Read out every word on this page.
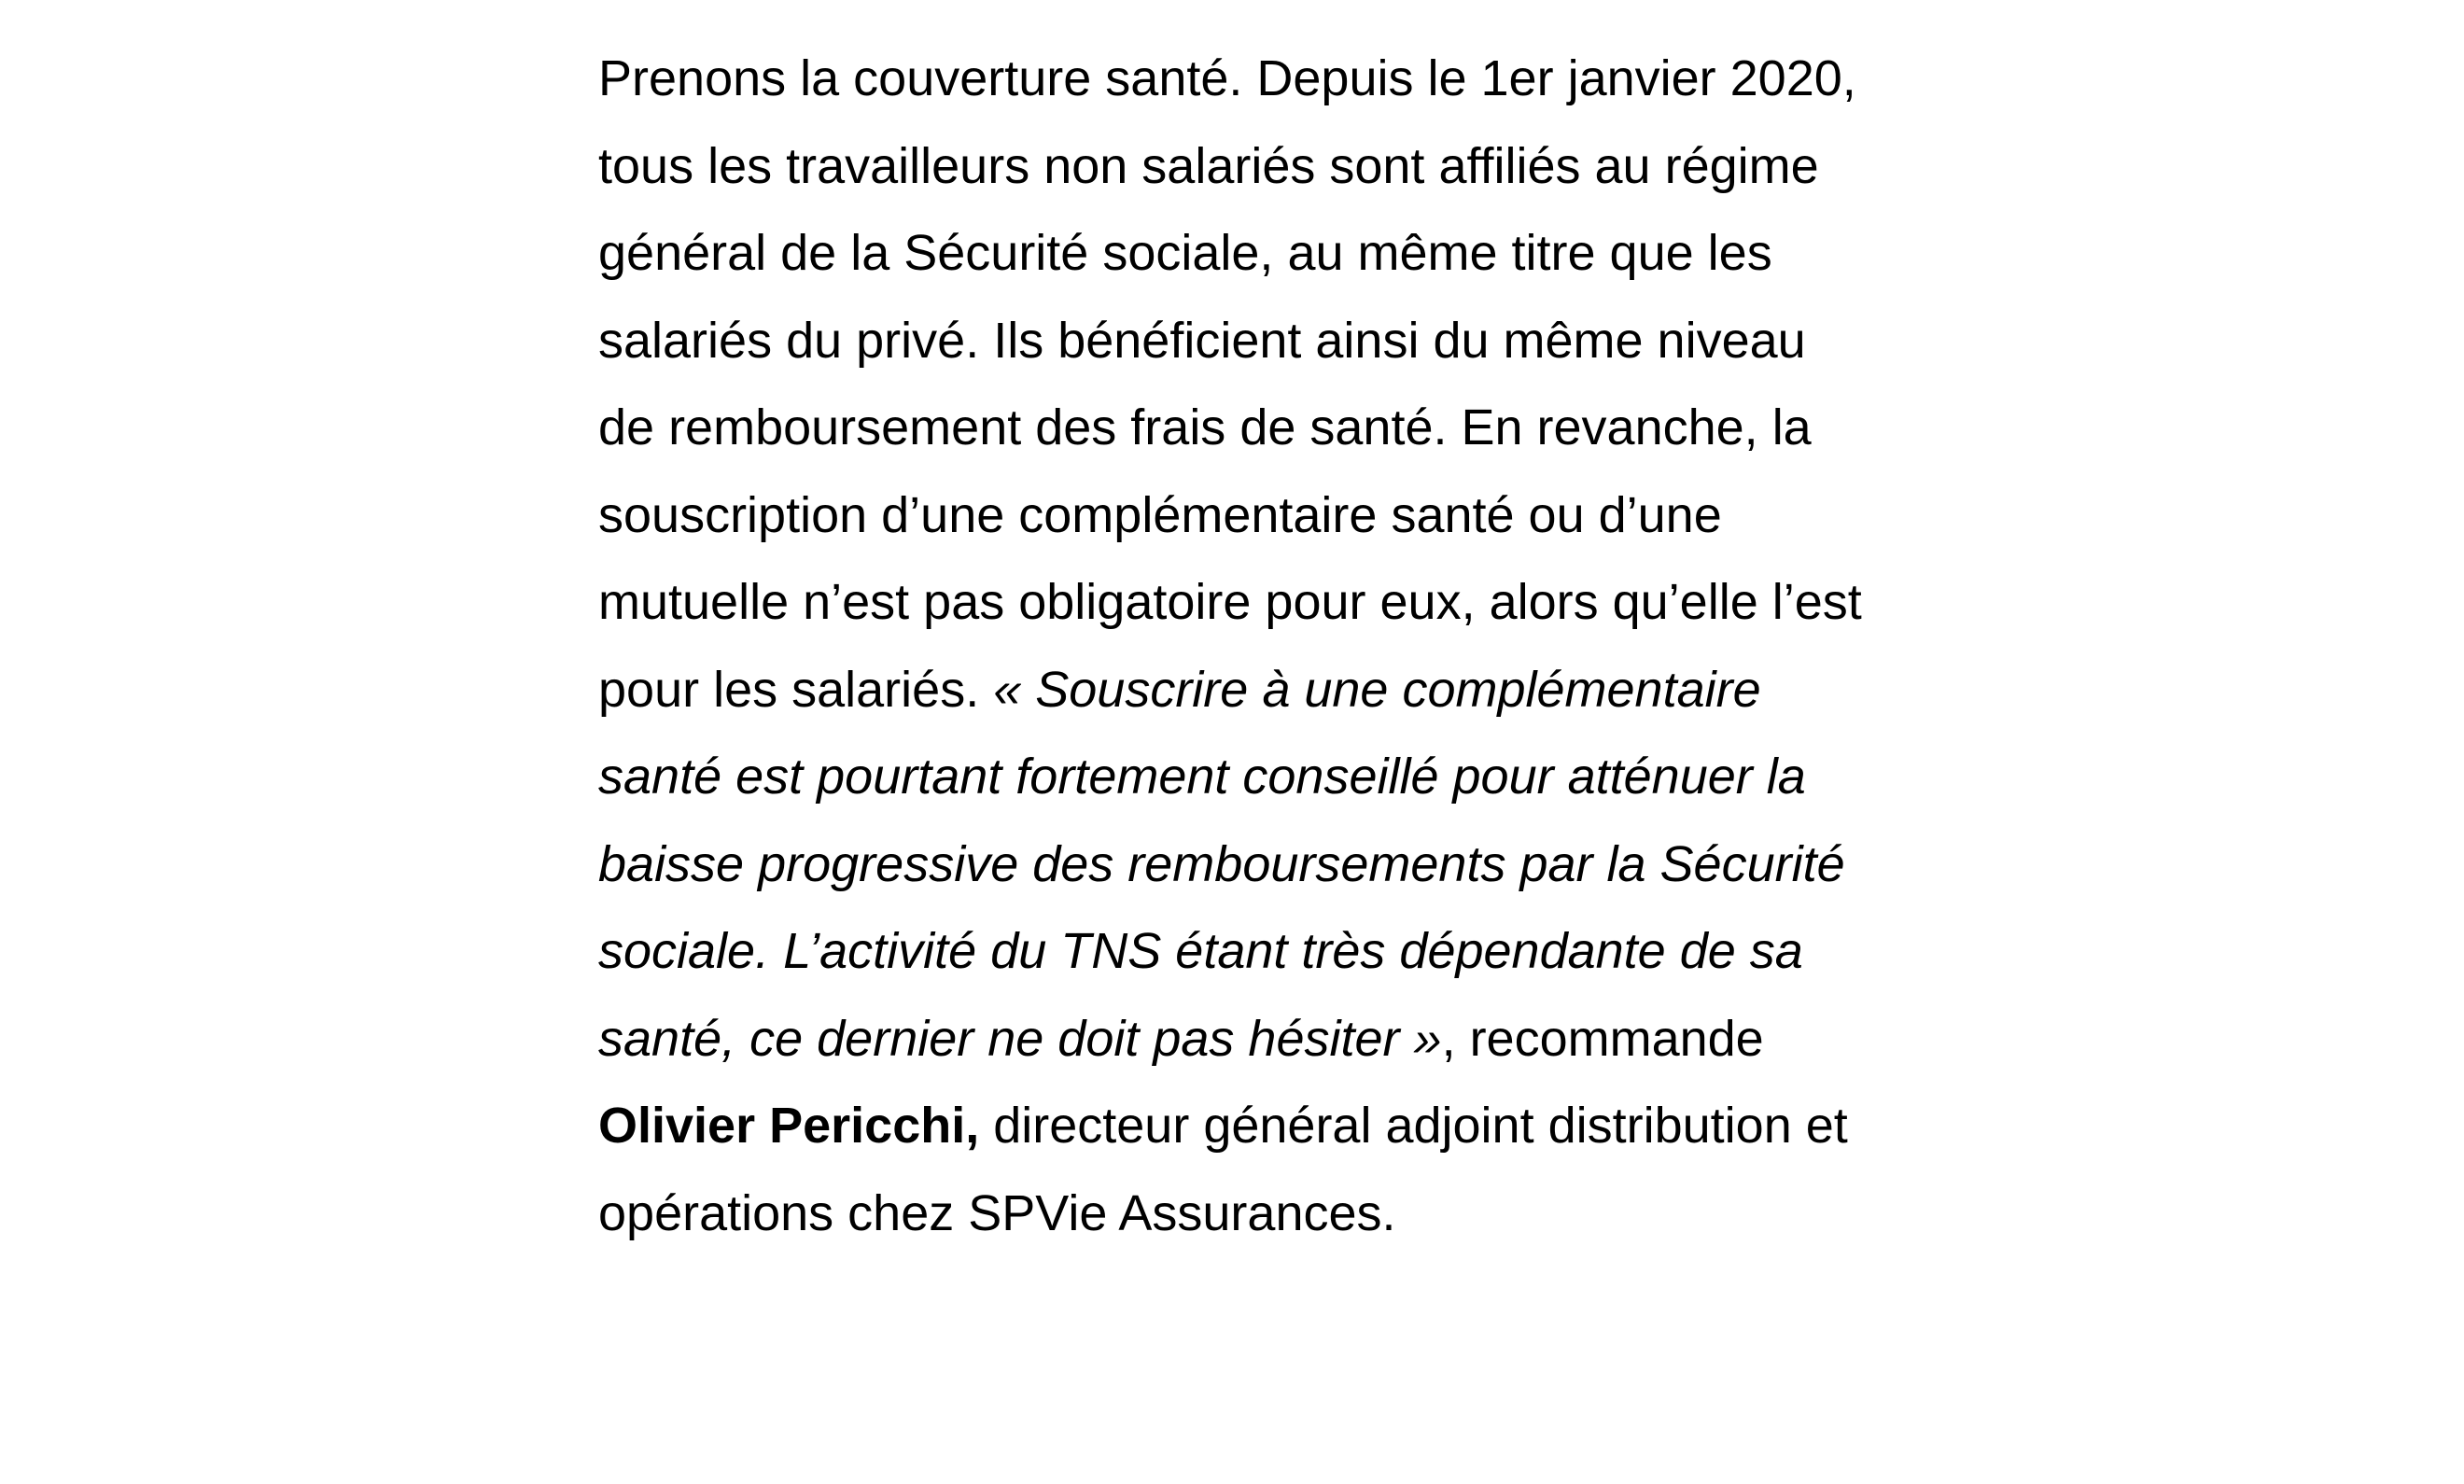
Prenons la couverture santé. Depuis le 1er janvier 2020,
tous les travailleurs non salariés sont affiliés au régime
général de la Sécurité sociale, au même titre que les
salariés du privé. Ils bénéficient ainsi du même niveau
de remboursement des frais de santé. En revanche, la
souscription d’une complémentaire santé ou d’une
mutuelle n’est pas obligatoire pour eux, alors qu’elle l’est
pour les salariés. « Souscrire à une complémentaire
santé est pourtant fortement conseillé pour atténuer la
baisse progressive des remboursements par la Sécurité
sociale. L’activité du TNS étant très dépendante de sa
santé, ce dernier ne doit pas hésiter », recommande
Olivier Pericchi, directeur général adjoint distribution et
opérations chez SPVie Assurances.
